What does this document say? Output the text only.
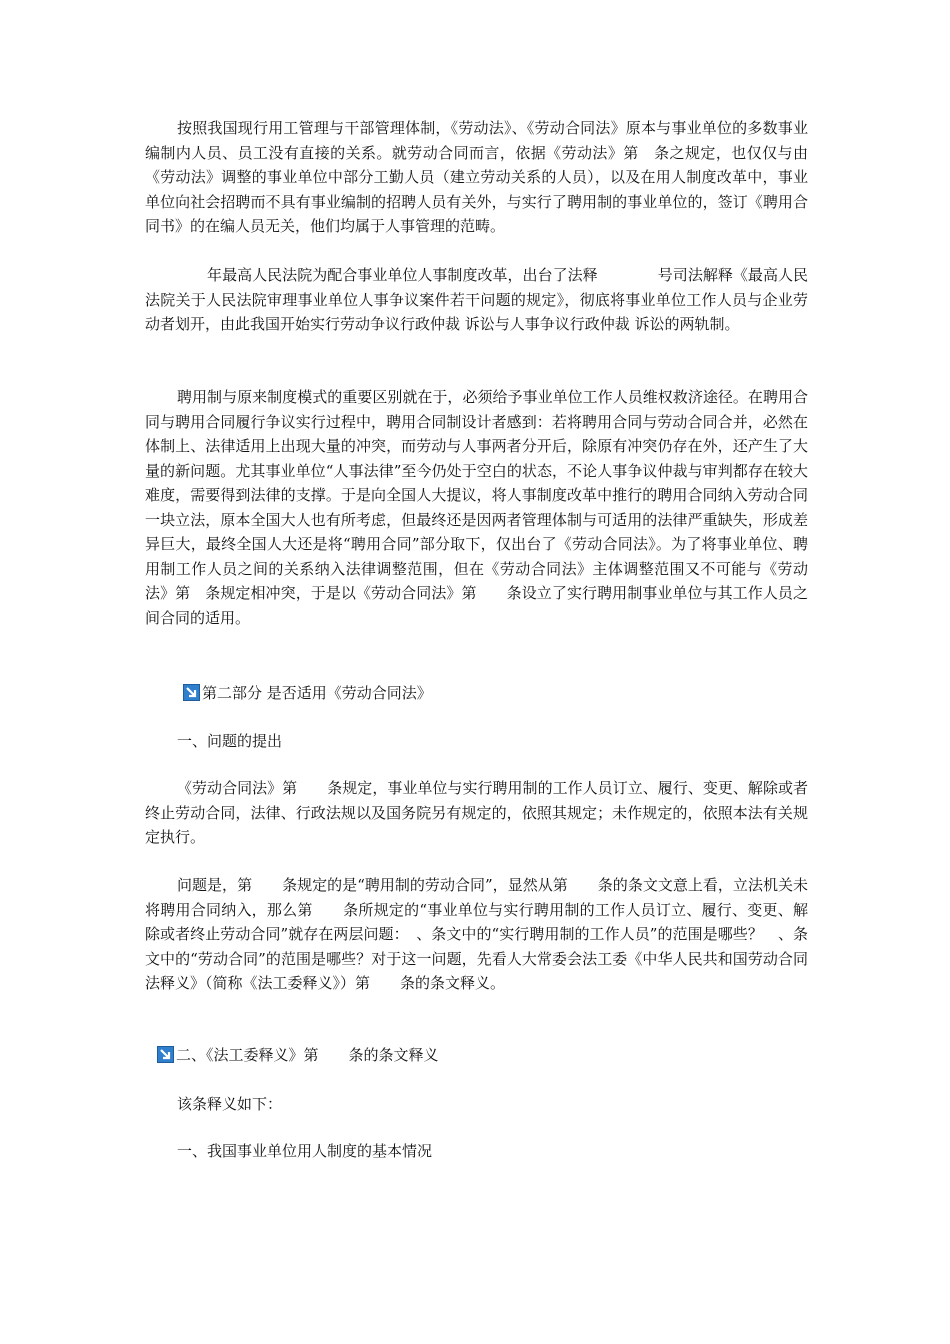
按照我国现行用工管理与干部管理体制，《劳动法》、《劳动合同法》原本与事业单位的多数事业编制内人员、员工没有直接的关系。就劳动合同而言，依据《劳动法》第　条之规定，也仅仅与由《劳动法》调整的事业单位中部分工勤人员（建立劳动关系的人员），以及在用人制度改革中，事业单位向社会招聘而不具有事业编制的招聘人员有关外，与实行了聘用制的事业单位的，签订《聘用合同书》的在编人员无关，他们均属于人事管理的范畴。

　　年最高人民法院为配合事业单位人事制度改革，出台了法释　　　　号司法解释《最高人民法院关于人民法院审理事业单位人事争议案件若干问题的规定》，彻底将事业单位工作人员与企业劳动者划开，由此我国开始实行劳动争议行政仲裁 诉讼与人事争议行政仲裁 诉讼的两轨制。

聘用制与原来制度模式的重要区别就在于，必须给予事业单位工作人员维权救济途径。在聘用合同与聘用合同履行争议实行过程中，聘用合同制设计者感到：若将聘用合同与劳动合同合并，必然在体制上、法律适用上出现大量的冲突，而劳动与人事两者分开后，除原有冲突仍存在外，还产生了大量的新问题。尤其事业单位“人事法律”至今仍处于空白的状态，不论人事争议仲裁与审判都存在较大难度，需要得到法律的支撑。于是向全国人大提议，将人事制度改革中推行的聘用合同纳入劳动合同一块立法，原本全国大人也有所考虑，但最终还是因两者管理体制与可适用的法律严重缺失，形成差异巨大，最终全国人大还是将“聘用合同”部分取下，仅出台了《劳动合同法》。为了将事业单位、聘用制工作人员之间的关系纳入法律调整范围，但在《劳动合同法》主体调整范围又不可能与《劳动法》第　条规定相冲突，于是以《劳动合同法》第　　条设立了实行聘用制事业单位与其工作人员之间合同的适用。

第二部分 是否适用《劳动合同法》
一、问题的提出

《劳动合同法》第　　条规定，事业单位与实行聘用制的工作人员订立、履行、变更、解除或者终止劳动合同，法律、行政法规以及国务院另有规定的，依照其规定；未作规定的，依照本法有关规定执行。

问题是，第　　条规定的是“聘用制的劳动合同”，显然从第　　条的条文文意上看，立法机关未将聘用合同纳入，那么第　　条所规定的“事业单位与实行聘用制的工作人员订立、履行、变更、解除或者终止劳动合同”就存在两层问题：　、条文中的“实行聘用制的工作人员”的范围是哪些？　、条文中的“劳动合同”的范围是哪些？对于这一问题，先看人大常委会法工委《中华人民共和国劳动合同法释义》（简称《法工委释义》）第　　条的条文释义。

二、《法工委释义》第　　条的条文释义
该条释义如下：
一、我国事业单位用人制度的基本情况
